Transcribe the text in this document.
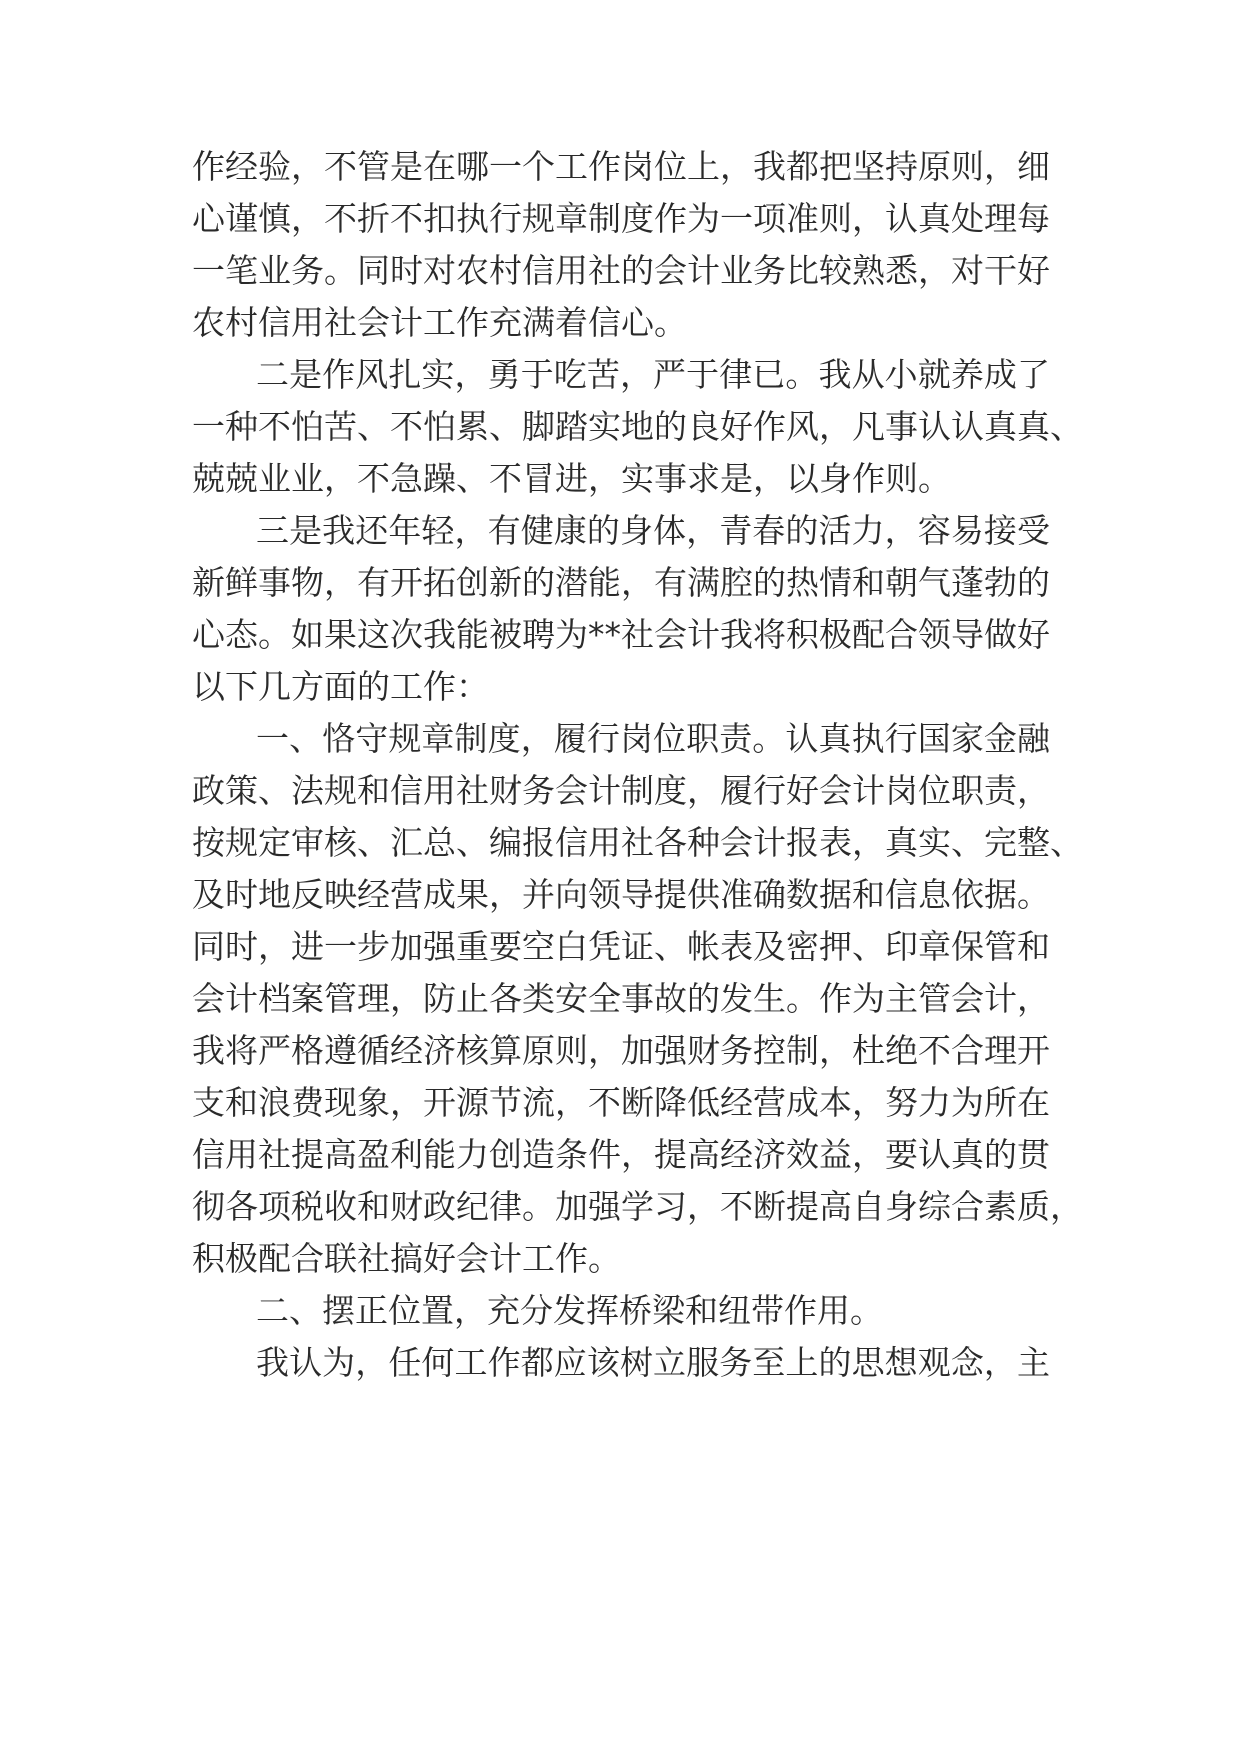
作经验，不管是在哪一个工作岗位上，我都把坚持原则，细
心谨慎，不折不扣执行规章制度作为一项准则，认真处理每
一笔业务。同时对农村信用社的会计业务比较熟悉，对干好
农村信用社会计工作充满着信心。
二是作风扎实，勇于吃苦，严于律已。我从小就养成了
一种不怕苦、不怕累、脚踏实地的良好作风，凡事认认真真、
兢兢业业，不急躁、不冒进，实事求是，以身作则。
三是我还年轻，有健康的身体，青春的活力，容易接受
新鲜事物，有开拓创新的潜能，有满腔的热情和朝气蓬勃的
心态。如果这次我能被聘为**社会计我将积极配合领导做好
以下几方面的工作：
一、恪守规章制度，履行岗位职责。认真执行国家金融
政策、法规和信用社财务会计制度，履行好会计岗位职责，
按规定审核、汇总、编报信用社各种会计报表，真实、完整、
及时地反映经营成果，并向领导提供准确数据和信息依据。
同时，进一步加强重要空白凭证、帐表及密押、印章保管和
会计档案管理，防止各类安全事故的发生。作为主管会计，
我将严格遵循经济核算原则，加强财务控制，杜绝不合理开
支和浪费现象，开源节流，不断降低经营成本，努力为所在
信用社提高盈利能力创造条件，提高经济效益，要认真的贯
彻各项税收和财政纪律。加强学习，不断提高自身综合素质，
积极配合联社搞好会计工作。
二、摆正位置，充分发挥桥梁和纽带作用。
我认为，任何工作都应该树立服务至上的思想观念，主
